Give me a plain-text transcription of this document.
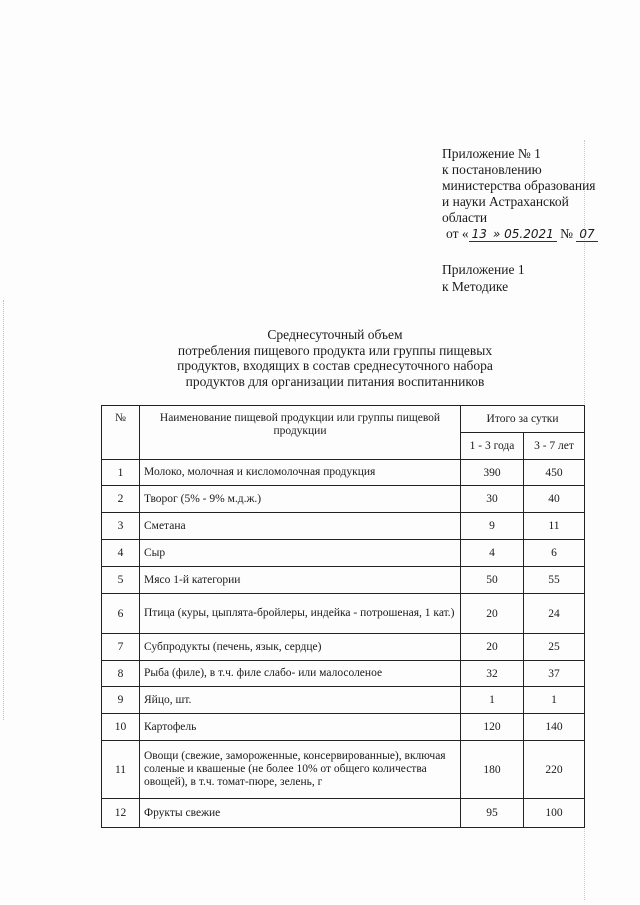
Приложение № 1
к постановлению
министерства образования
и науки Астраханской
области
от « 13 » 05.2021 № 07
Приложение 1
к Методике
Среднесуточный объем
потребления пищевого продукта или группы пищевых
продуктов, входящих в состав среднесуточного набора
продуктов для организации питания воспитанников
№	Наименование пищевой продукции или группы пищевой продукции	Итого за сутки	
		1 - 3 года	3 - 7 лет
1	Молоко, молочная и кисломолочная продукция	390	450
2	Творог (5% - 9% м.д.ж.)	30	40
3	Сметана	9	11
4	Сыр	4	6
5	Мясо 1-й категории	50	55
6	Птица (куры, цыплята-бройлеры, индейка - потрошеная, 1 кат.)	20	24
7	Субпродукты (печень, язык, сердце)	20	25
8	Рыба (филе), в т.ч. филе слабо- или малосоленое	32	37
9	Яйцо, шт.	1	1
10	Картофель	120	140
11	Овощи (свежие, замороженные, консервированные), включая соленые и квашеные (не более 10% от общего количества овощей), в т.ч. томат-пюре, зелень, г	180	220
12	Фрукты свежие	95	100
